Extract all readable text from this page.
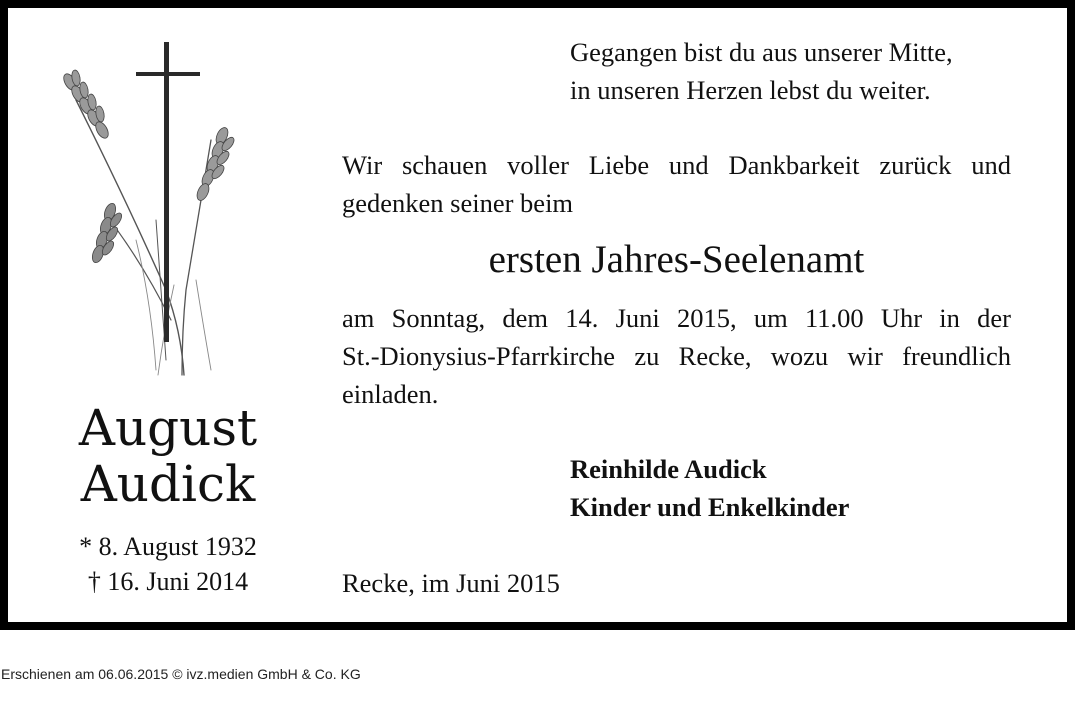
August
Audick
* 8. August 1932
† 16. Juni 2014
Gegangen bist du aus unserer Mitte,
in unseren Herzen lebst du weiter.
Wir schauen voller Liebe und Dankbarkeit zurück und
gedenken seiner beim
ersten Jahres-Seelenamt
am Sonntag, dem 14. Juni 2015, um 11.00 Uhr in der
St.-Dionysius-Pfarrkirche zu Recke, wozu wir freundlich
einladen.
Reinhilde Audick
Kinder und Enkelkinder
Recke, im Juni 2015
Erschienen am 06.06.2015 © ivz.medien GmbH & Co. KG
